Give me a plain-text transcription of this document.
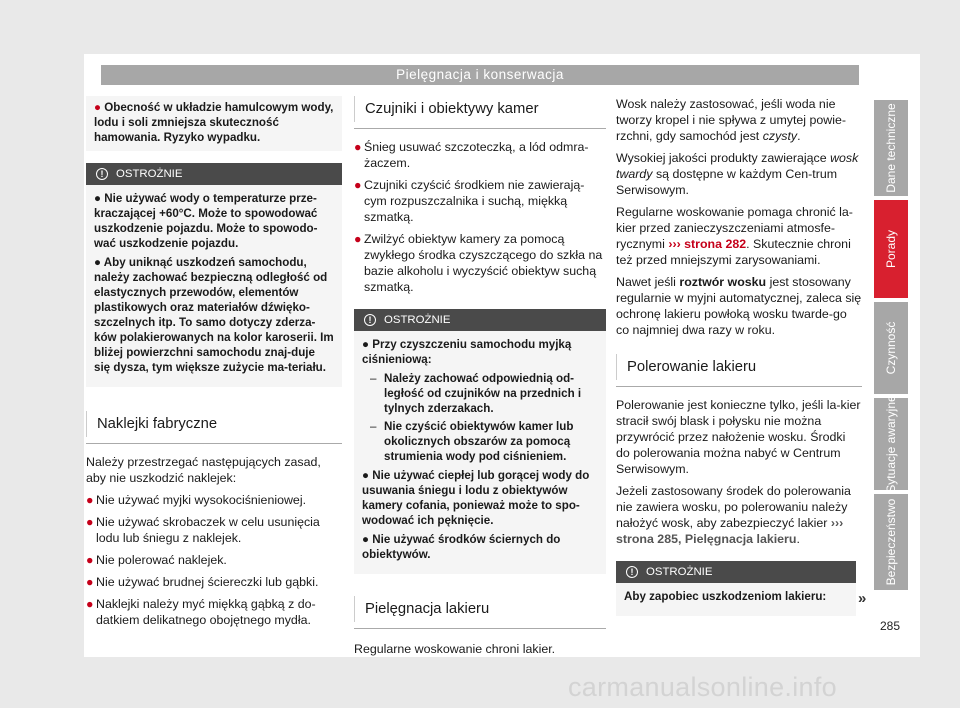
Pielęgnacja i konserwacja
● Obecność w układzie hamulcowym wody, lodu i soli zmniejsza skuteczność hamowania. Ryzyko wypadku.
!	OSTROŻNIE

● Nie używać wody o temperaturze prze-kraczającej +60°C. Może to spowodować uszkodzenie pojazdu. Może to spowodo-wać uszkodzenie pojazdu.

● Aby uniknąć uszkodzeń samochodu, należy zachować bezpieczną odległość od elastycznych przewodów, elementów plastikowych oraz materiałów dźwięko-szczelnych itp. To samo dotyczy zderza-ków polakierowanych na kolor karoserii. Im bliżej powierzchni samochodu znaj-duje się dysza, tym większe zużycie ma-teriału.

Naklejki fabryczne
Należy przestrzegać następujących zasad, aby nie uszkodzić naklejek:
● Nie używać myjki wysokociśnieniowej.
● Nie używać skrobaczek w celu usunięcia lodu lub śniegu z naklejek.
● Nie polerować naklejek.
● Nie używać brudnej ściereczki lub gąbki.
● Naklejki należy myć miękką gąbką z do-datkiem delikatnego obojętnego mydła.
Czujniki i obiektywy kamer
● Śnieg usuwać szczoteczką, a lód odmra-żaczem.
● Czujniki czyścić środkiem nie zawierają-cym rozpuszczalnika i suchą, miękką szmatką.
● Zwilżyć obiektyw kamery za pomocą zwykłego środka czyszczącego do szkła na bazie alkoholu i wyczyścić obiektyw suchą szmatką.
!	OSTROŻNIE

● Przy czyszczeniu samochodu myjką ciśnieniową:

– Należy zachować odpowiednią od-ległość od czujników na przednich i tylnych zderzakach.
– Nie czyścić obiektywów kamer lub okolicznych obszarów za pomocą strumienia wody pod ciśnieniem.

● Nie używać ciepłej lub gorącej wody do usuwania śniegu i lodu z obiektywów kamery cofania, ponieważ może to spo-wodować ich pęknięcie.

● Nie używać środków ściernych do obiektywów.

Pielęgnacja lakieru
Regularne woskowanie chroni lakier.
Wosk należy zastosować, jeśli woda nie tworzy kropel i nie spływa z umytej powie-rzchni, gdy samochód jest czysty.
Wysokiej jakości produkty zawierające wosk twardy są dostępne w każdym Cen-trum Serwisowym.
Regularne woskowanie pomaga chronić la-kier przed zanieczyszczeniami atmosfe-rycznymi ››› strona 282. Skutecznie chroni też przed mniejszymi zarysowaniami.
Nawet jeśli roztwór wosku jest stosowany regularnie w myjni automatycznej, zaleca się ochronę lakieru powłoką wosku twarde-go co najmniej dwa razy w roku.
Polerowanie lakieru
Polerowanie jest konieczne tylko, jeśli la-kier stracił swój blask i połysku nie można przywrócić przez nałożenie wosku. Środki do polerowania można nabyć w Centrum Serwisowym.
Jeżeli zastosowany środek do polerowania nie zawiera wosku, po polerowaniu należy nałożyć wosk, aby zabezpieczyć lakier ››› strona 285, Pielęgnacja lakieru.
!	OSTROŻNIE

Aby zapobiec uszkodzeniom lakieru:	»
Dane techniczne
Porady
Czynność
Sytuacje awaryjne
Bezpieczeństwo
285
carmanualsonline.info
